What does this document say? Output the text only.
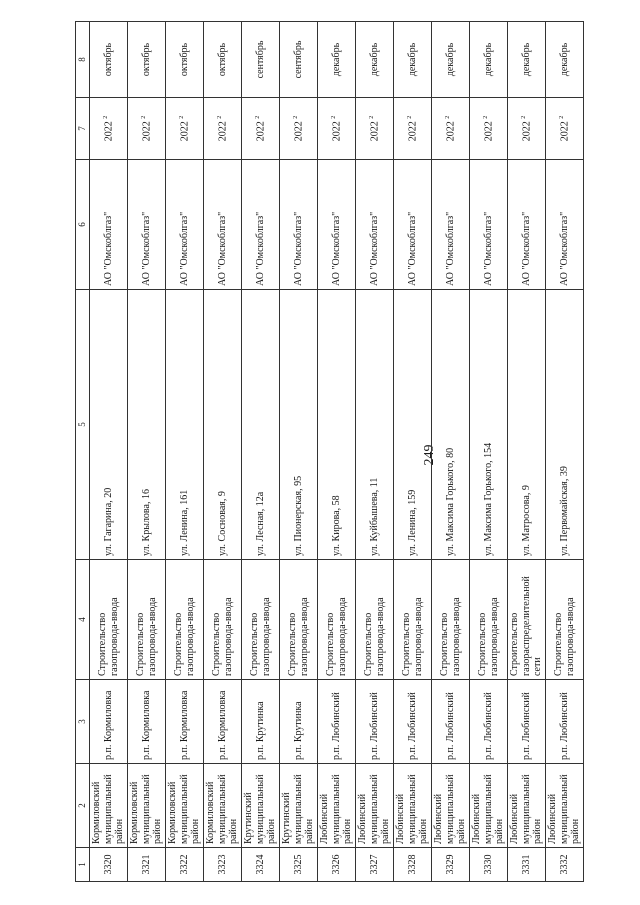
249
1	2	3	4	5	6	7	8
3320	Кормиловский муниципальный район	р.п. Кормиловка	Строительство газопровода-ввода	ул. Гагарина, 20	АО "Омскоблгаз"	2022 $^2$	октябрь
3321	Кормиловский муниципальный район	р.п. Кормиловка	Строительство газопровода-ввода	ул. Крылова, 16	АО "Омскоблгаз"	2022 $^2$	октябрь
3322	Кормиловский муниципальный район	р.п. Кормиловка	Строительство газопровода-ввода	ул. Ленина, 161	АО "Омскоблгаз"	2022 $^2$	октябрь
3323	Кормиловский муниципальный район	р.п. Кормиловка	Строительство газопровода-ввода	ул. Сосновая, 9	АО "Омскоблгаз"	2022 $^2$	октябрь
3324	Крутинский муниципальный район	р.п. Крутинка	Строительство газопровода-ввода	ул. Лесная, 12а	АО "Омскоблгаз"	2022 $^2$	сентябрь
3325	Крутинский муниципальный район	р.п. Крутинка	Строительство газопровода-ввода	ул. Пионерская, 95	АО "Омскоблгаз"	2022 $^2$	сентябрь
3326	Любинский муниципальный район	р.п. Любинский	Строительство газопровода-ввода	ул. Кирова, 58	АО "Омскоблгаз"	2022 $^2$	декабрь
3327	Любинский муниципальный район	р.п. Любинский	Строительство газопровода-ввода	ул. Куйбышева, 11	АО "Омскоблгаз"	2022 $^2$	декабрь
3328	Любинский муниципальный район	р.п. Любинский	Строительство газопровода-ввода	ул. Ленина, 159	АО "Омскоблгаз"	2022 $^2$	декабрь
3329	Любинский муниципальный район	р.п. Любинский	Строительство газопровода-ввода	ул. Максима Горького, 80	АО "Омскоблгаз"	2022 $^2$	декабрь
3330	Любинский муниципальный район	р.п. Любинский	Строительство газопровода-ввода	ул. Максима Горького, 154	АО "Омскоблгаз"	2022 $^2$	декабрь
3331	Любинский муниципальный район	р.п. Любинский	Строительство газораспределительной сети	ул. Матросова, 9	АО "Омскоблгаз"	2022 $^2$	декабрь
3332	Любинский муниципальный район	р.п. Любинский	Строительство газопровода-ввода	ул. Первомайская, 39	АО "Омскоблгаз"	2022 $^2$	декабрь
